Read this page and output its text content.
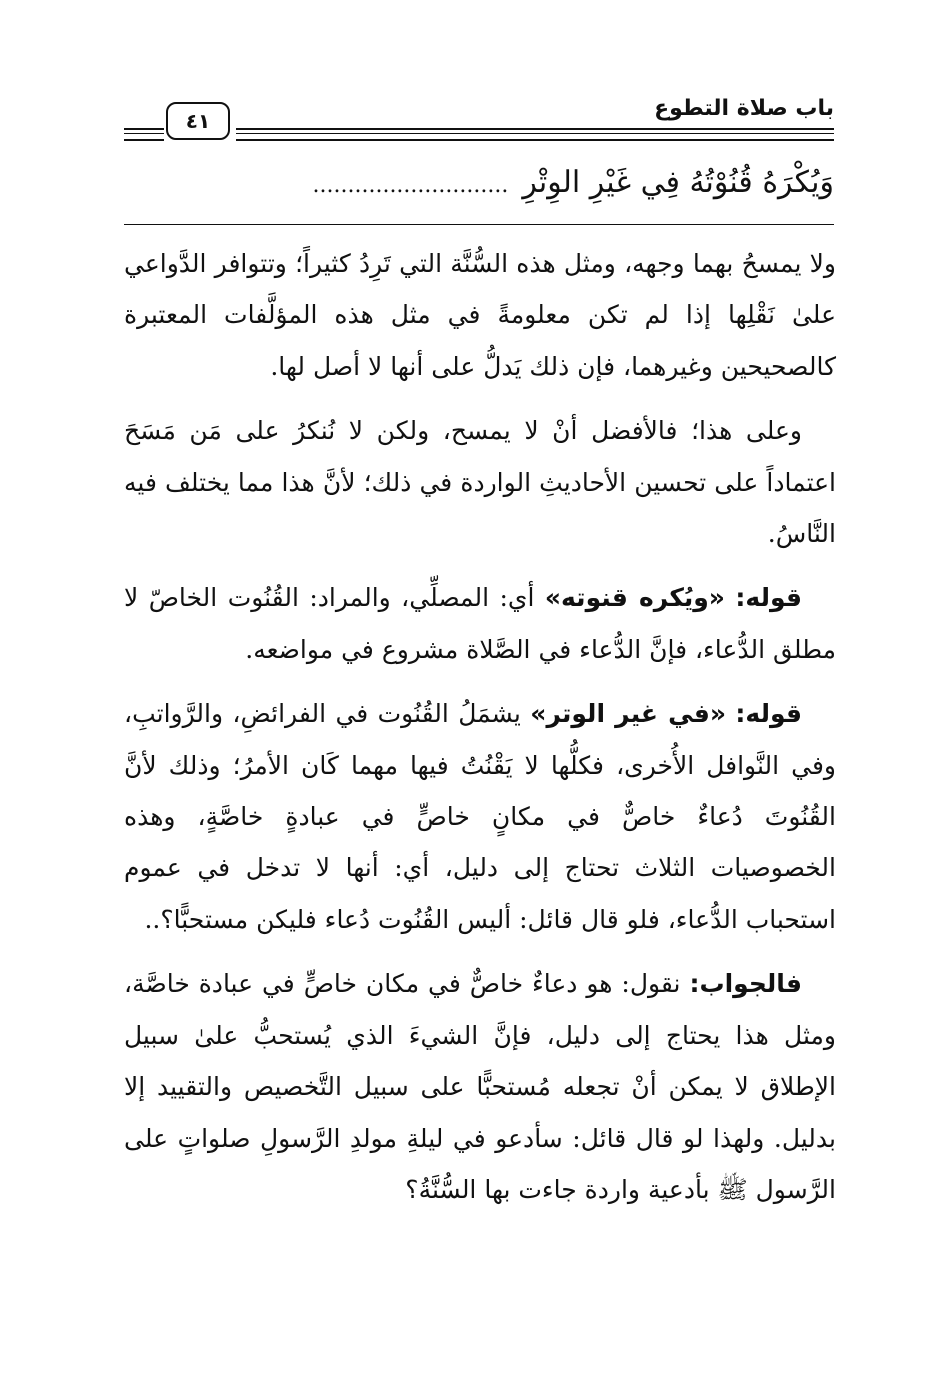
باب صلاة التطوع
٤١
وَيُكْرَهُ قُنُوْتُهُ فِي غَيْرِ الوِتْرِ............................

ولا يمسحُ بهما وجهه، ومثل هذه السُّنَّة التي تَرِدُ كثيراً؛ وتتوافر الدَّواعي علىٰ نَقْلِها إذا لم تكن معلومةً في مثل هذه المؤلَّفات المعتبرة كالصحيحين وغيرهما، فإن ذلك يَدلُّ على أنها لا أصل لها.

وعلى هذا؛ فالأفضل أنْ لا يمسح، ولكن لا نُنكرُ على مَن مَسَحَ اعتماداً على تحسين الأحاديثِ الواردة في ذلك؛ لأنَّ هذا مما يختلف فيه النَّاسُ.

قوله: «ويُكره قنوته» أي: المصلِّي، والمراد: القُنُوت الخاصّ لا مطلق الدُّعاء، فإنَّ الدُّعاء في الصَّلاة مشروع في مواضعه.

قوله: «في غير الوتر» يشمَلُ القُنُوت في الفرائضِ، والرَّواتبِ، وفي النَّوافل الأُخرى، فكلُّها لا يَقْنُتُ فيها مهما كَان الأمرُ؛ وذلك لأنَّ القُنُوتَ دُعاءٌ خاصٌّ في مكانٍ خاصٍّ في عبادةٍ خاصَّةٍ، وهذه الخصوصيات الثلاث تحتاج إلى دليل، أي: أنها لا تدخل في عموم استحباب الدُّعاء، فلو قال قائل: أليس القُنُوت دُعاء فليكن مستحبًّا؟..

فالجواب: نقول: هو دعاءٌ خاصٌّ في مكان خاصٍّ في عبادة خاصَّة، ومثل هذا يحتاج إلى دليل، فإنَّ الشيءَ الذي يُستحبُّ علىٰ سبيل الإطلاق لا يمكن أنْ تجعله مُستحبًّا على سبيل التَّخصيص والتقييد إلا بدليل. ولهذا لو قال قائل: سأدعو في ليلةِ مولدِ الرَّسولِ صلواتٍ على الرَّسول ﷺ بأدعية واردة جاءت بها السُّنَّةُ؟
